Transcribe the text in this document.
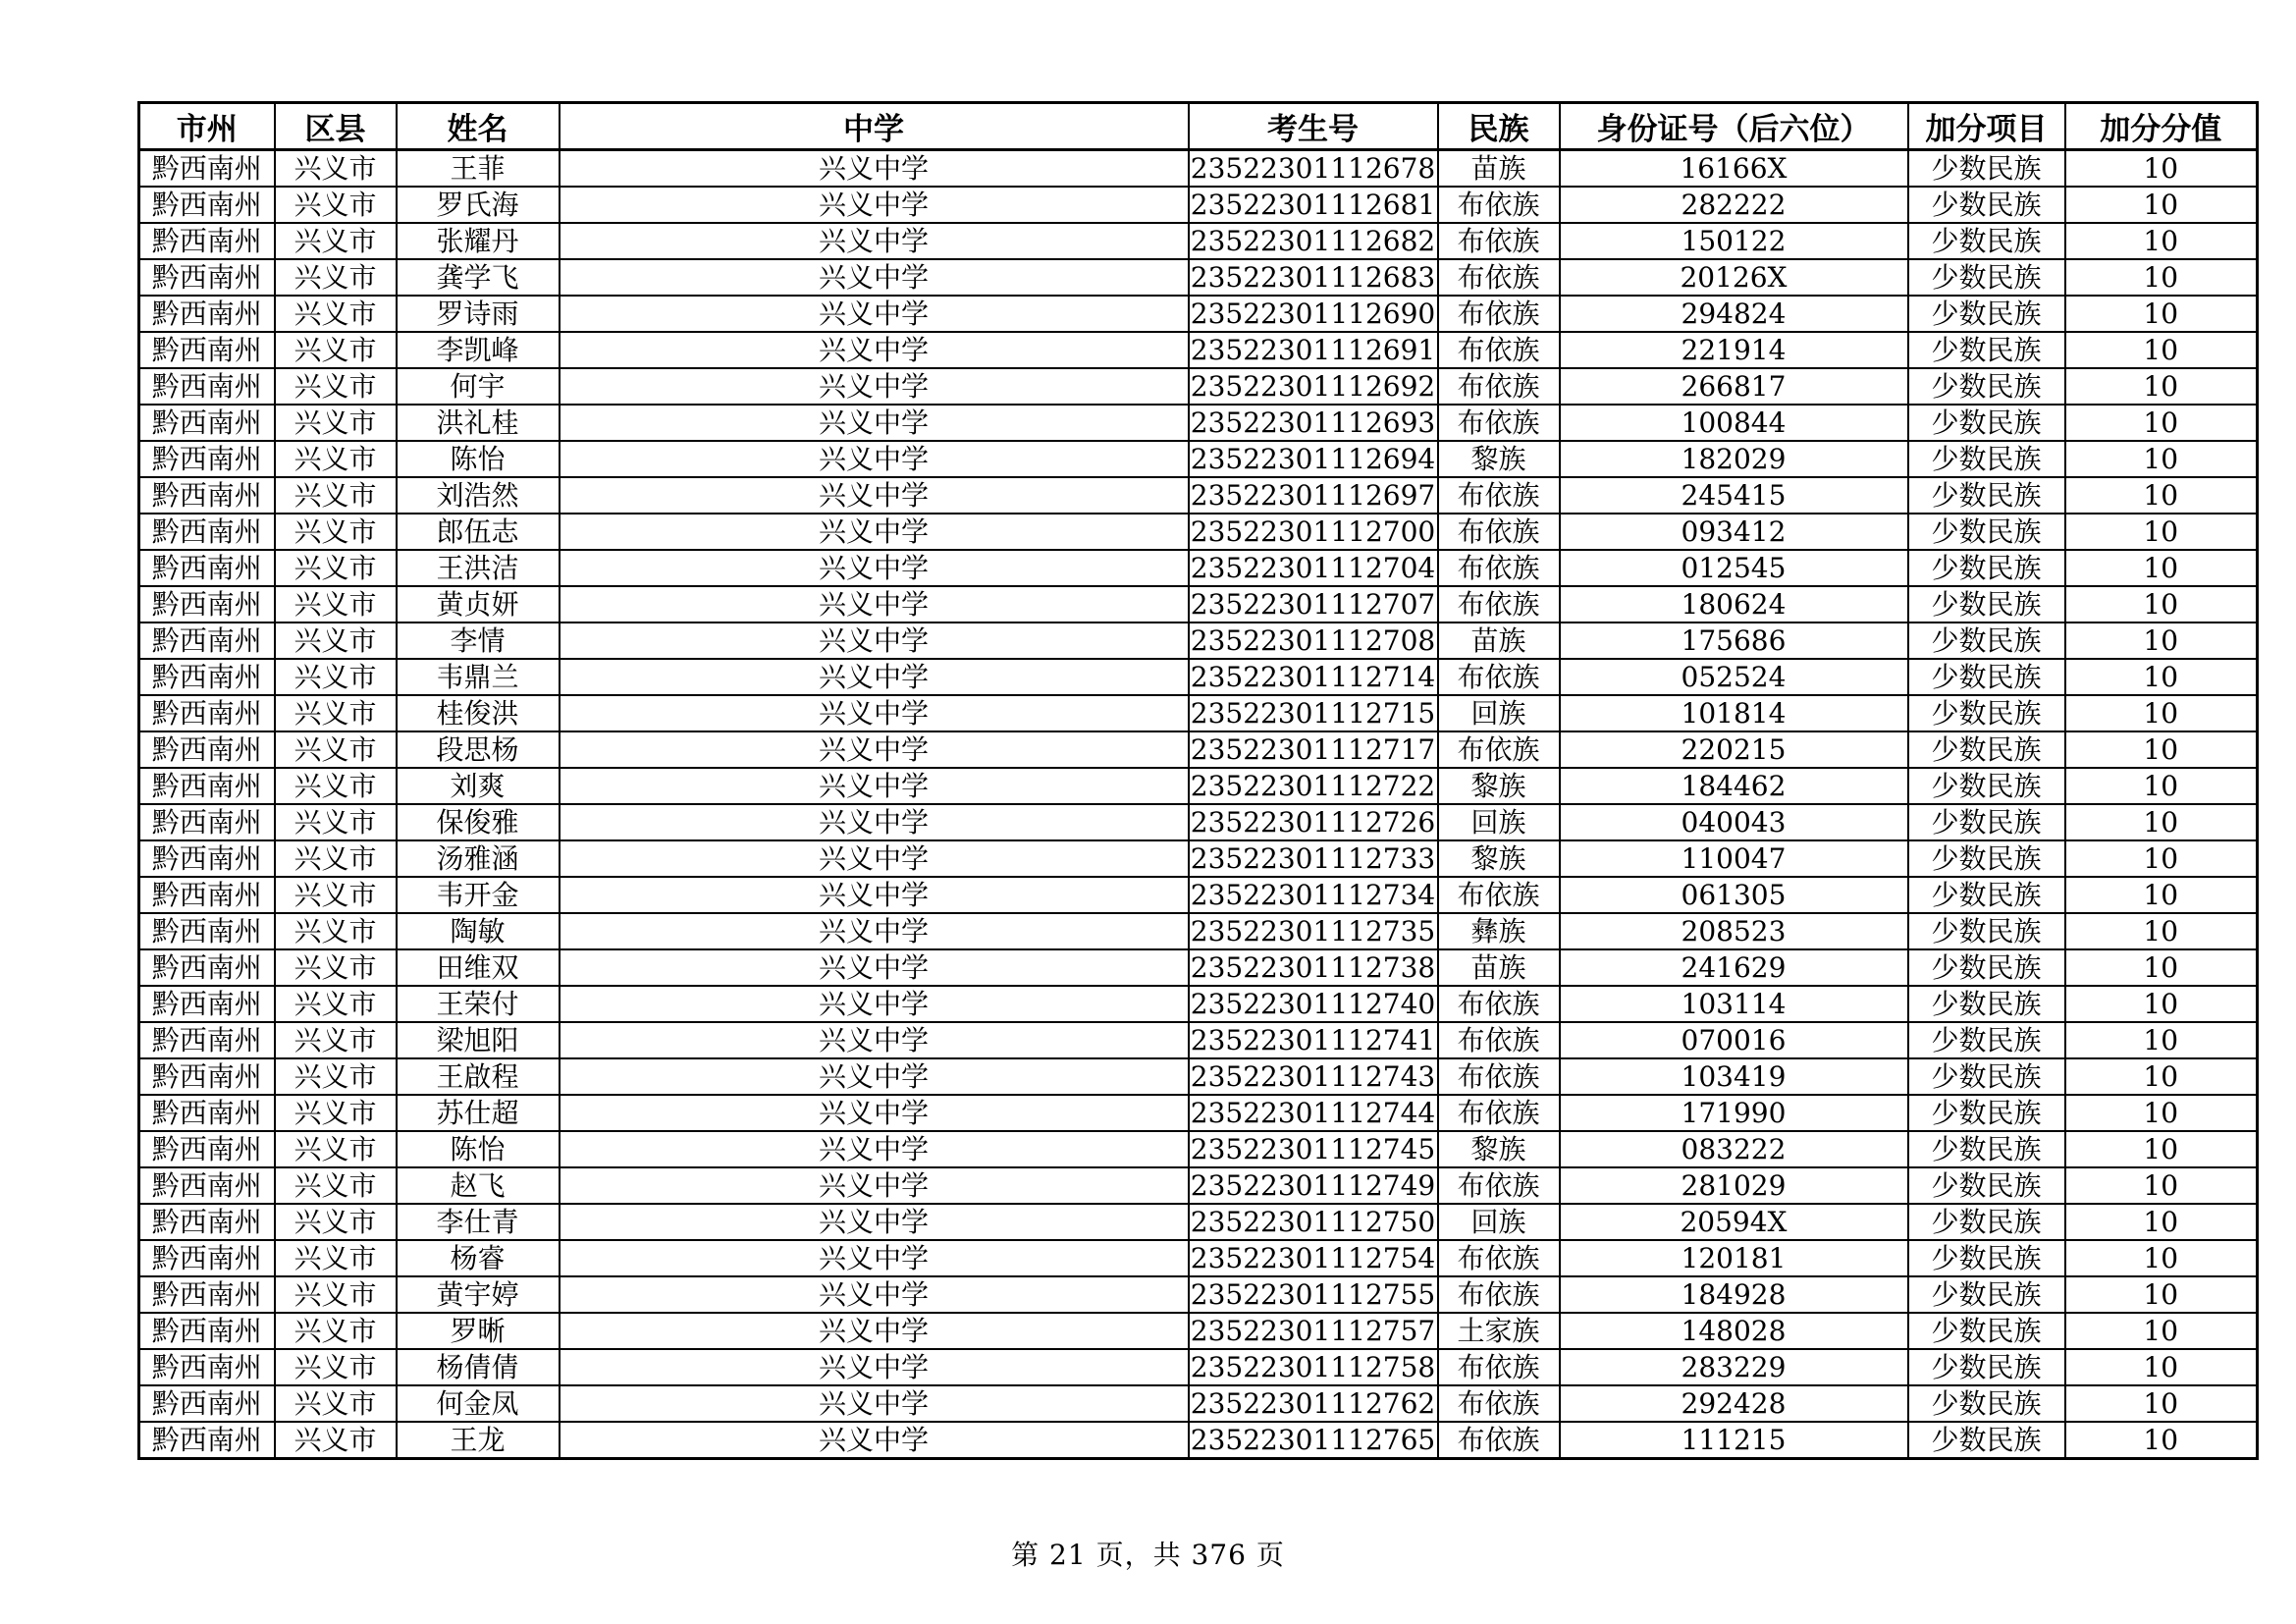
市州	区县	姓名	中学	考生号	民族	身份证号（后六位）	加分项目	加分分值
黔西南州	兴义市	王菲	兴义中学	23522301112678	苗族	16166X	少数民族	10
黔西南州	兴义市	罗氏海	兴义中学	23522301112681	布依族	282222	少数民族	10
黔西南州	兴义市	张耀丹	兴义中学	23522301112682	布依族	150122	少数民族	10
黔西南州	兴义市	龚学飞	兴义中学	23522301112683	布依族	20126X	少数民族	10
黔西南州	兴义市	罗诗雨	兴义中学	23522301112690	布依族	294824	少数民族	10
黔西南州	兴义市	李凯峰	兴义中学	23522301112691	布依族	221914	少数民族	10
黔西南州	兴义市	何宇	兴义中学	23522301112692	布依族	266817	少数民族	10
黔西南州	兴义市	洪礼桂	兴义中学	23522301112693	布依族	100844	少数民族	10
黔西南州	兴义市	陈怡	兴义中学	23522301112694	黎族	182029	少数民族	10
黔西南州	兴义市	刘浩然	兴义中学	23522301112697	布依族	245415	少数民族	10
黔西南州	兴义市	郎伍志	兴义中学	23522301112700	布依族	093412	少数民族	10
黔西南州	兴义市	王洪洁	兴义中学	23522301112704	布依族	012545	少数民族	10
黔西南州	兴义市	黄贞妍	兴义中学	23522301112707	布依族	180624	少数民族	10
黔西南州	兴义市	李情	兴义中学	23522301112708	苗族	175686	少数民族	10
黔西南州	兴义市	韦鼎兰	兴义中学	23522301112714	布依族	052524	少数民族	10
黔西南州	兴义市	桂俊洪	兴义中学	23522301112715	回族	101814	少数民族	10
黔西南州	兴义市	段思杨	兴义中学	23522301112717	布依族	220215	少数民族	10
黔西南州	兴义市	刘爽	兴义中学	23522301112722	黎族	184462	少数民族	10
黔西南州	兴义市	保俊雅	兴义中学	23522301112726	回族	040043	少数民族	10
黔西南州	兴义市	汤雅涵	兴义中学	23522301112733	黎族	110047	少数民族	10
黔西南州	兴义市	韦开金	兴义中学	23522301112734	布依族	061305	少数民族	10
黔西南州	兴义市	陶敏	兴义中学	23522301112735	彝族	208523	少数民族	10
黔西南州	兴义市	田维双	兴义中学	23522301112738	苗族	241629	少数民族	10
黔西南州	兴义市	王荣付	兴义中学	23522301112740	布依族	103114	少数民族	10
黔西南州	兴义市	梁旭阳	兴义中学	23522301112741	布依族	070016	少数民族	10
黔西南州	兴义市	王啟程	兴义中学	23522301112743	布依族	103419	少数民族	10
黔西南州	兴义市	苏仕超	兴义中学	23522301112744	布依族	171990	少数民族	10
黔西南州	兴义市	陈怡	兴义中学	23522301112745	黎族	083222	少数民族	10
黔西南州	兴义市	赵飞	兴义中学	23522301112749	布依族	281029	少数民族	10
黔西南州	兴义市	李仕青	兴义中学	23522301112750	回族	20594X	少数民族	10
黔西南州	兴义市	杨睿	兴义中学	23522301112754	布依族	120181	少数民族	10
黔西南州	兴义市	黄宇婷	兴义中学	23522301112755	布依族	184928	少数民族	10
黔西南州	兴义市	罗晰	兴义中学	23522301112757	土家族	148028	少数民族	10
黔西南州	兴义市	杨倩倩	兴义中学	23522301112758	布依族	283229	少数民族	10
黔西南州	兴义市	何金凤	兴义中学	23522301112762	布依族	292428	少数民族	10
黔西南州	兴义市	王龙	兴义中学	23522301112765	布依族	111215	少数民族	10
第 21 页，共 376 页
